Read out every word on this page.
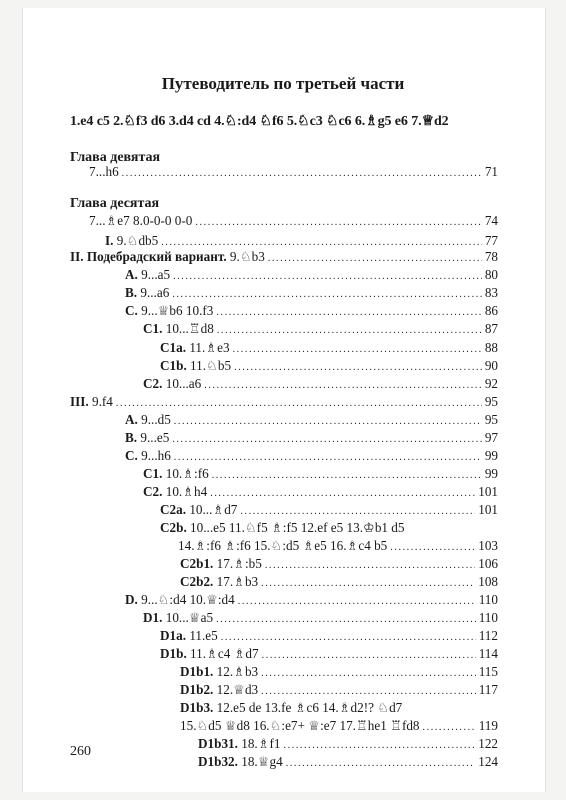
Путеводитель по третьей части
1.e4 c5 2.♘f3 d6 3.d4 cd 4.♘:d4 ♘f6 5.♘c3 ♘c6 6.♗g5 e6 7.♕d2
Глава девятая
Глава десятая
7...h6 .....	71
7...♗e7 8.0-0-0 0-0 .....	74
I. 9.♘db5 .....	77
II. Подебрадский вариант. 9.♘b3 .....	78
A. 9...a5 .....	80
B. 9...a6 .....	83
C. 9...♕b6 10.f3 .....	86
C1. 10...♖d8 .....	87
C1a. 11.♗e3 .....	88
C1b. 11.♘b5 .....	90
C2. 10...a6 .....	92
III. 9.f4 .....	95
A. 9...d5 .....	95
B. 9...e5 .....	97
C. 9...h6 .....	99
C1. 10.♗:f6 .....	99
C2. 10.♗h4 .....	101
C2a. 10...♗d7 .....	101
C2b. 10...e5 11.♘f5 ♗:f5 12.ef e5 13.♔b1 d5
14.♗:f6 ♗:f6 15.♘:d5 ♗e5 16.♗c4 b5 .....	103
C2b1. 17.♗:b5 .....	106
C2b2. 17.♗b3 .....	108
D. 9...♘:d4 10.♕:d4 .....	110
D1. 10...♕a5 .....	110
D1a. 11.e5 .....	112
D1b. 11.♗c4 ♗d7 .....	114
D1b1. 12.♗b3 .....	115
D1b2. 12.♕d3 .....	117
D1b3. 12.e5 de 13.fe ♗c6 14.♗d2!? ♘d7
15.♘d5 ♕d8 16.♘:e7+ ♕:e7 17.♖he1 ♖fd8 .....	119
D1b31. 18.♗f1 .....	122
D1b32. 18.♕g4 .....	124
260
